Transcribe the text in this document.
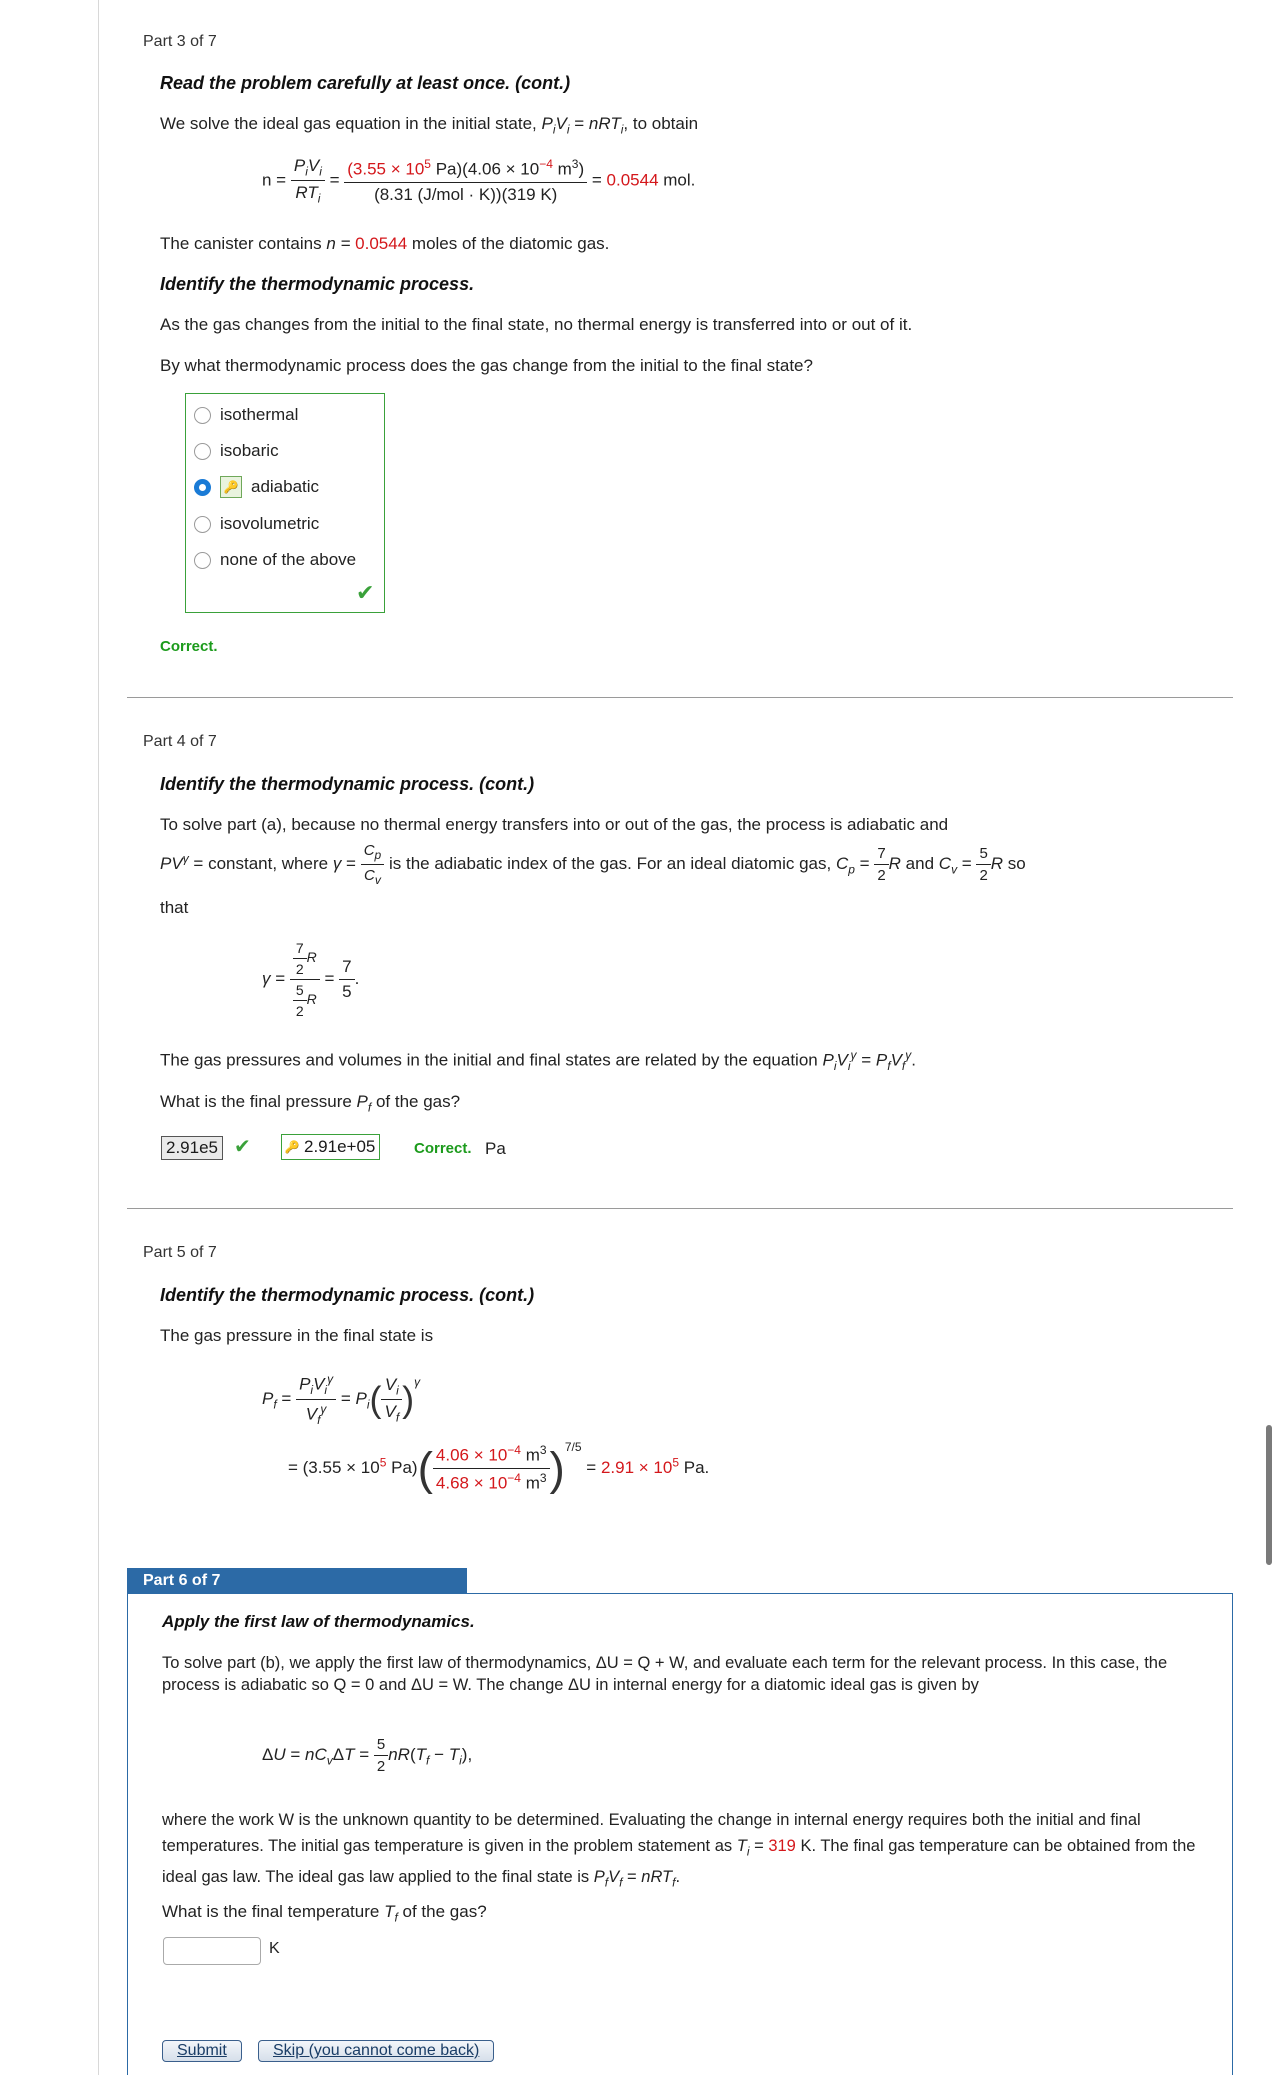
Part 3 of 7
Read the problem carefully at least once. (cont.)
We solve the ideal gas equation in the initial state, $P_iV_i = nRT_i$, to obtain
$n = \frac{P_iV_i}{RT_i} = \frac{(3.55 \times 10^5 Pa)(4.06 \times 10^{-4} m^3)}{\text{(8.31 (J/mol · K))(319 K)}} = 0.0544$ mol.
The canister contains n = 0.0544 moles of the diatomic gas.
Identify the thermodynamic process.
As the gas changes from the initial to the final state, no thermal energy is transferred into or out of it.
By what thermodynamic process does the gas change from the initial to the final state?
isothermal
isobaric
🔑 adiabatic
isovolumetric
none of the above
✔
Correct.
Part 4 of 7
Identify the thermodynamic process. (cont.)
To solve part (a), because no thermal energy transfers into or out of the gas, the process is adiabatic and
$PV^\gamma$ = constant, where $\gamma = \frac{C_p}{C_v}$ is the adiabatic index of the gas. For an ideal diatomic gas, $C_p = \frac{7}{2}$ R and $C_v = \frac{5}{2}$ R so
that
$\gamma = \frac{\frac{7}{2} R}{\frac{5}{2} R} = \frac{7}{5}$ .
The gas pressures and volumes in the initial and final states are related by the equation $P_iV_i^\gamma = P_fV_f^\gamma$.
What is the final pressure $P_f$ of the gas?
2.91e5 ✔	🔑 2.91e+05	Correct. Pa
Part 5 of 7
Identify the thermodynamic process. (cont.)
The gas pressure in the final state is
$P_f = \frac{P_iV_i^\gamma}{V_f^\gamma} = P_i( \frac{V_i}{V_f} )^\gamma$
= ($3.55 \times 10^5$ $Pa)( \frac{4.06 \times 10^{-4} m^3}{4.68 \times 10^{-4} m^3} )^{7/5} = 2.91 \times 10^5$ Pa.
Part 6 of 7
Apply the first law of thermodynamics.
To solve part (b), we apply the first law of thermodynamics, ΔU = Q + W, and evaluate each term for the relevant process. In this case, the process is adiabatic so Q = 0 and ΔU = W. The change ΔU in internal energy for a diatomic ideal gas is given by
$\Delta U = nC_v\Delta T = \frac{5}{2} nR(T_f - T_i)$,
where the work W is the unknown quantity to be determined. Evaluating the change in internal energy requires both the initial and final temperatures. The initial gas temperature is given in the problem statement as $T_i = 319$ K. The final gas temperature can be obtained from the ideal gas law. The ideal gas law applied to the final state is $P_fV_f = nRT_f$.
What is the final temperature $T_f$ of the gas?
K
Submit	Skip (you cannot come back)
